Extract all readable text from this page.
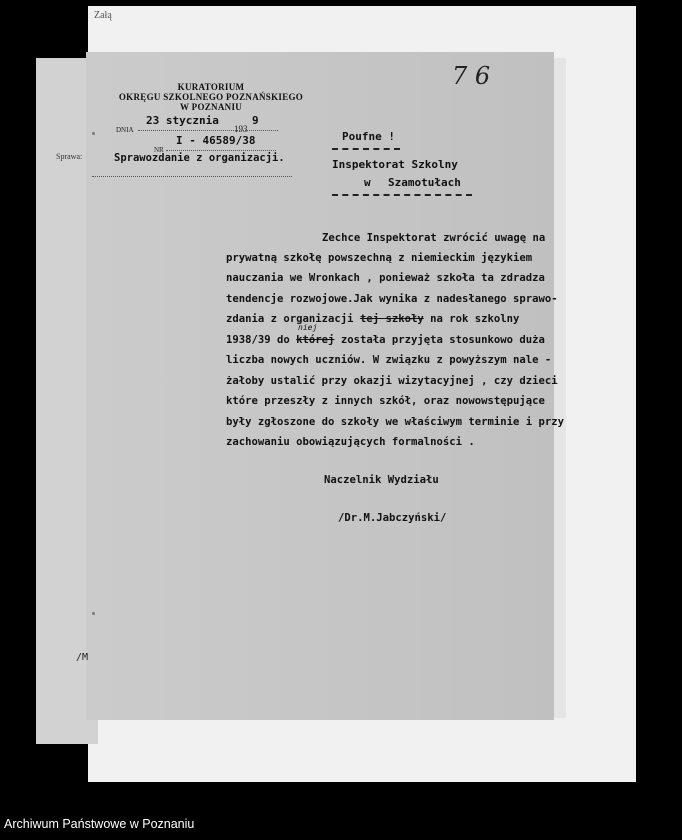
Załą
Sprawa:
KURATORIUM
OKRĘGU SZKOLNEGO POZNAŃSKIEGO
W POZNANIU
DNIA
23 stycznia
193
9
NR
I - 46589/38
Sprawozdanie z organizacji.
7 6
Poufne !
Inspektorat Szkolny
w Szamotułach
Zechce Inspektorat zwrócić uwagę na
prywatną szkołę powszechną z niemieckim językiem
nauczania we Wronkach , ponieważ szkoła ta zdradza
tendencje rozwojowe.Jak wynika z nadesłanego sprawo-
zdania z organizacji tej szkoły na rok szkolny
1938/39 do której została przyjęta stosunkowo duża
niej
liczba nowych uczniów. W związku z powyższym nale -
żałoby ustalić przy okazji wizytacyjnej , czy dzieci
które przeszły z innych szkół, oraz nowowstępujące
były zgłoszone do szkoły we właściwym terminie i przy
zachowaniu obowiązujących formalności .
Naczelnik Wydziału
/Dr.M.Jabczyński/
/M
Archiwum Państwowe w Poznaniu
